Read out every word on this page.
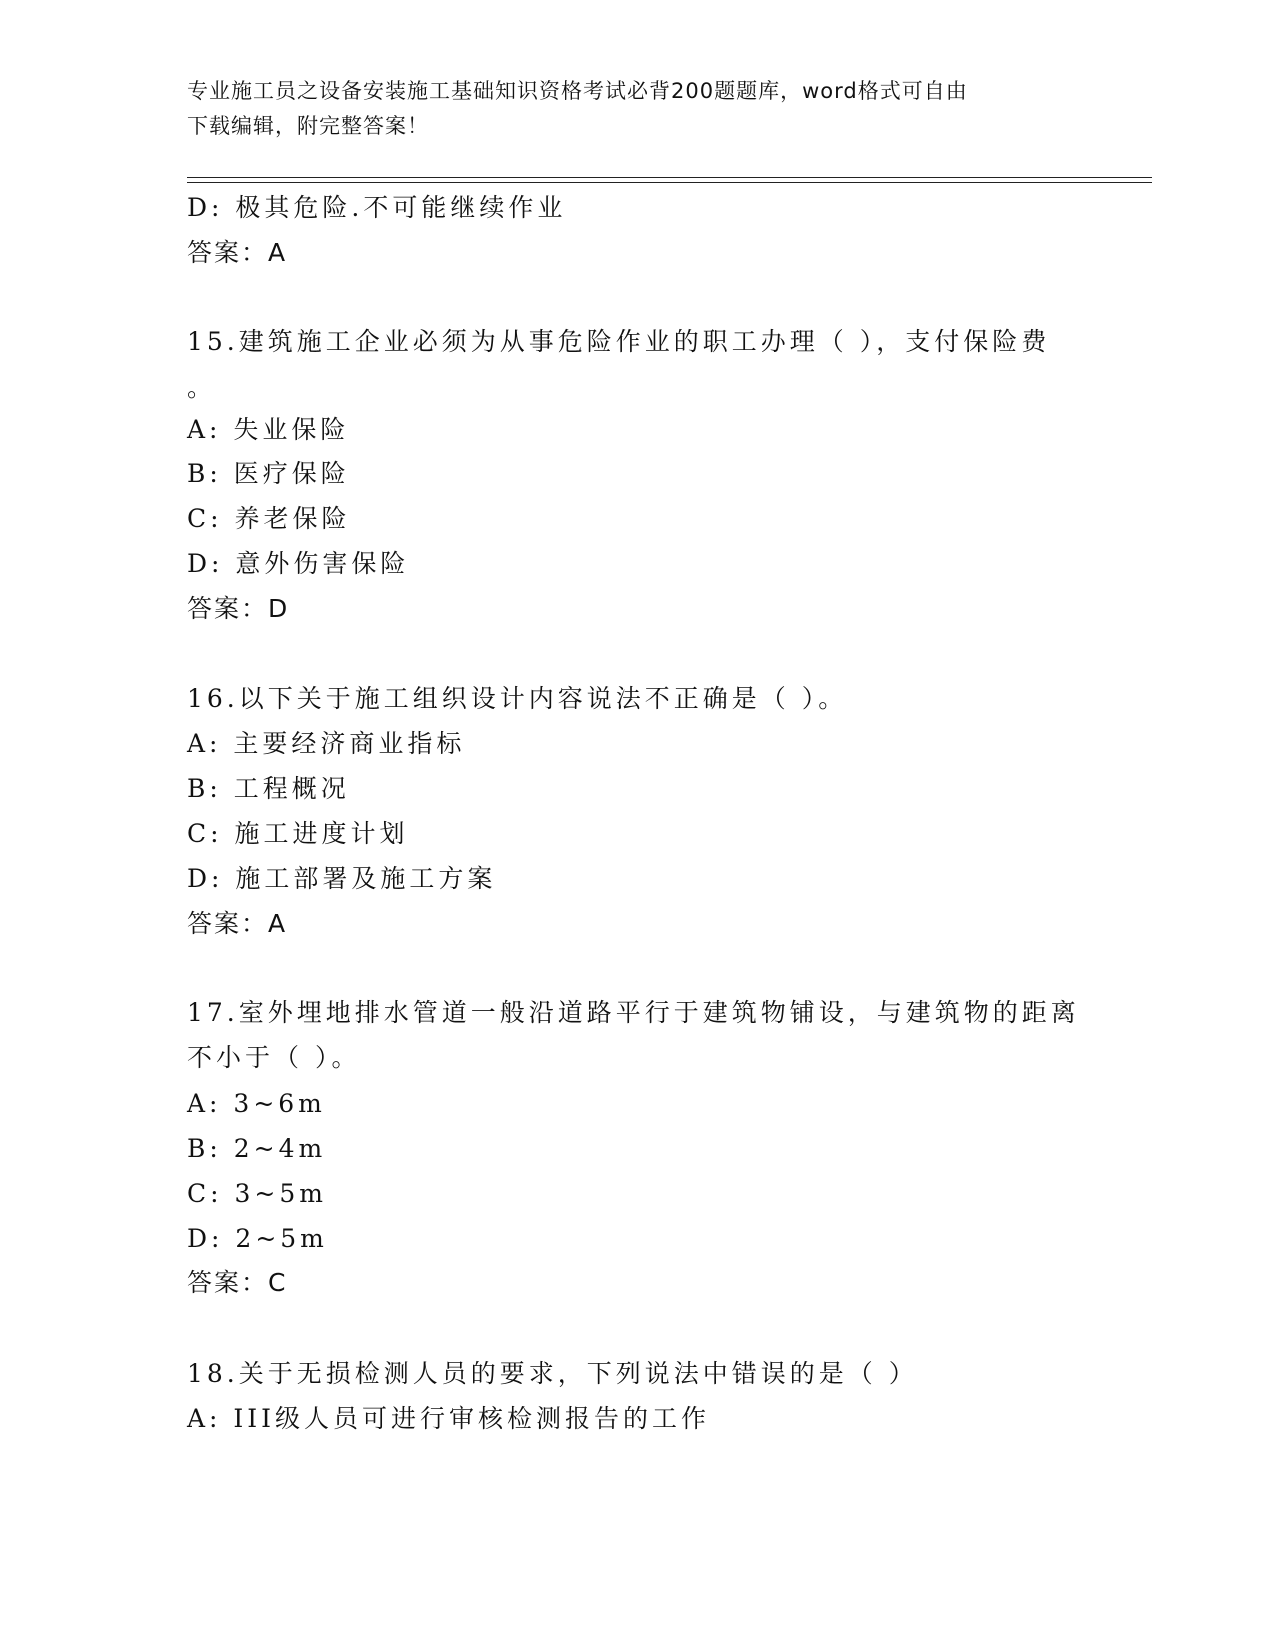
专业施工员之设备安装施工基础知识资格考试必背200题题库，word格式可自由
下载编辑，附完整答案！
D: 极其危险.不可能继续作业
答案：A
15.建筑施工企业必须为从事危险作业的职工办理（ ），支付保险费
。
A: 失业保险
B: 医疗保险
C: 养老保险
D: 意外伤害保险
答案：D
16.以下关于施工组织设计内容说法不正确是（ ）。
A: 主要经济商业指标
B: 工程概况
C: 施工进度计划
D: 施工部署及施工方案
答案：A
17.室外埋地排水管道一般沿道路平行于建筑物铺设，与建筑物的距离
不小于（ ）。
A: 3~6m
B: 2~4m
C: 3~5m
D: 2~5m
答案：C
18.关于无损检测人员的要求，下列说法中错误的是（ ）
A: III级人员可进行审核检测报告的工作
